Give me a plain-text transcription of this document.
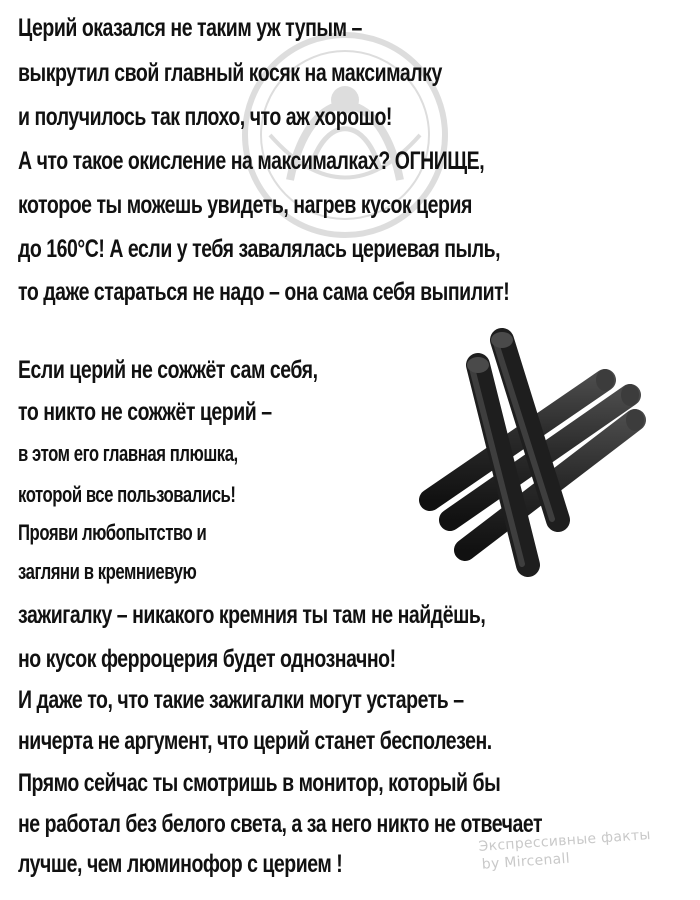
Церий оказался не таким уж тупым –
выкрутил свой главный косяк на максималку
и получилось так плохо, что аж хорошо!
А что такое окисление на максималках? ОГНИЩЕ,
которое ты можешь увидеть, нагрев кусок церия
до 160°C! А если у тебя завалялась цериевая пыль,
то даже стараться не надо – она сама себя выпилит!
Если церий не сожжёт сам себя,
то никто не сожжёт церий –
в этом его главная плюшка,
которой все пользовались!
Прояви любопытство и
загляни в кремниевую
зажигалку – никакого кремния ты там не найдёшь,
но кусок ферроцерия будет однозначно!
И даже то, что такие зажигалки могут устареть –
ничерта не аргумент, что церий станет бесполезен.
Прямо сейчас ты смотришь в монитор, который бы
не работал без белого света, а за него никто не отвечает
лучше, чем люминофор с церием !
Экспрессивные факты
by Mircenall
